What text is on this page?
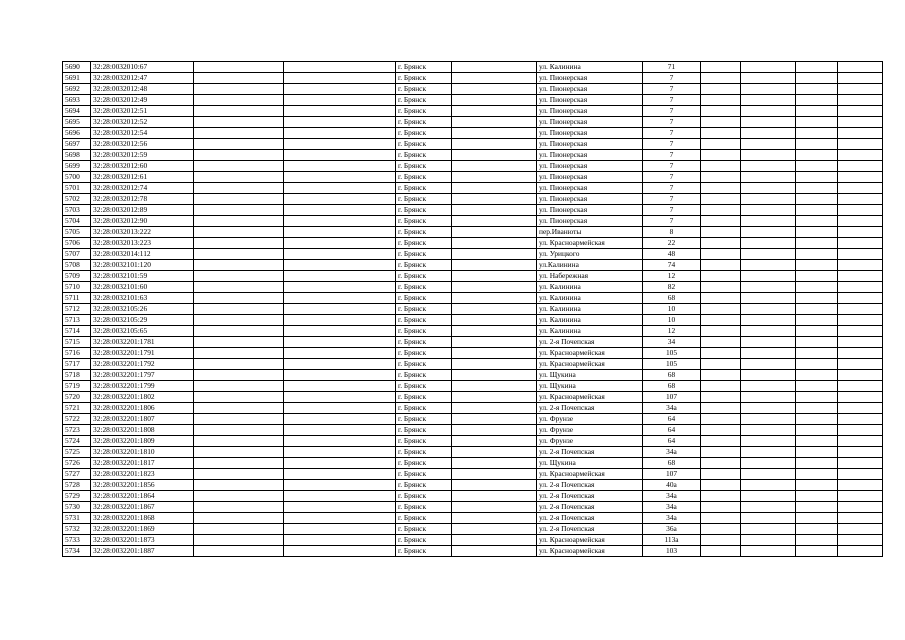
5690	32:28:0032010:67			г. Брянск		ул. Калинина	71				
5691	32:28:0032012:47			г. Брянск		ул. Пионерская	7				
5692	32:28:0032012:48			г. Брянск		ул. Пионерская	7				
5693	32:28:0032012:49			г. Брянск		ул. Пионерская	7				
5694	32:28:0032012:51			г. Брянск		ул. Пионерская	7				
5695	32:28:0032012:52			г. Брянск		ул. Пионерская	7				
5696	32:28:0032012:54			г. Брянск		ул. Пионерская	7				
5697	32:28:0032012:56			г. Брянск		ул. Пионерская	7				
5698	32:28:0032012:59			г. Брянск		ул. Пионерская	7				
5699	32:28:0032012:60			г. Брянск		ул. Пионерская	7				
5700	32:28:0032012:61			г. Брянск		ул. Пионерская	7				
5701	32:28:0032012:74			г. Брянск		ул. Пионерская	7				
5702	32:28:0032012:78			г. Брянск		ул. Пионерская	7				
5703	32:28:0032012:89			г. Брянск		ул. Пионерская	7				
5704	32:28:0032012:90			г. Брянск		ул. Пионерская	7				
5705	32:28:0032013:222			г. Брянск		пер.Иванюты	8				
5706	32:28:0032013:223			г. Брянск		ул. Красноармейская	22				
5707	32:28:0032014:112			г. Брянск		ул. Урицкого	48				
5708	32:28:0032101:120			г. Брянск		ул.Калинина	74				
5709	32:28:0032101:59			г. Брянск		ул. Набережная	12				
5710	32:28:0032101:60			г. Брянск		ул. Калинина	82				
5711	32:28:0032101:63			г. Брянск		ул. Калинина	68				
5712	32:28:0032105:26			г. Брянск		ул. Калинина	10				
5713	32:28:0032105:29			г. Брянск		ул. Калинина	10				
5714	32:28:0032105:65			г. Брянск		ул. Калинина	12				
5715	32:28:0032201:1781			г. Брянск		ул. 2-я Почепская	34				
5716	32:28:0032201:1791			г. Брянск		ул. Красноармейская	105				
5717	32:28:0032201:1792			г. Брянск		ул. Красноармейская	105				
5718	32:28:0032201:1797			г. Брянск		ул. Щукина	68				
5719	32:28:0032201:1799			г. Брянск		ул. Щукина	68				
5720	32:28:0032201:1802			г. Брянск		ул. Красноармейская	107				
5721	32:28:0032201:1806			г. Брянск		ул. 2-я Почепская	34а				
5722	32:28:0032201:1807			г. Брянск		ул. Фрунзе	64				
5723	32:28:0032201:1808			г. Брянск		ул. Фрунзе	64				
5724	32:28:0032201:1809			г. Брянск		ул. Фрунзе	64				
5725	32:28:0032201:1810			г. Брянск		ул. 2-я Почепская	34а				
5726	32:28:0032201:1817			г. Брянск		ул. Щукина	68				
5727	32:28:0032201:1823			г. Брянск		ул. Красноармейская	107				
5728	32:28:0032201:1856			г. Брянск		ул. 2-я Почепская	40а				
5729	32:28:0032201:1864			г. Брянск		ул. 2-я Почепская	34а				
5730	32:28:0032201:1867			г. Брянск		ул. 2-я Почепская	34а				
5731	32:28:0032201:1868			г. Брянск		ул. 2-я Почепская	34а				
5732	32:28:0032201:1869			г. Брянск		ул. 2-я Почепская	36а				
5733	32:28:0032201:1873			г. Брянск		ул. Красноармейская	113а				
5734	32:28:0032201:1887			г. Брянск		ул. Красноармейская	103				
